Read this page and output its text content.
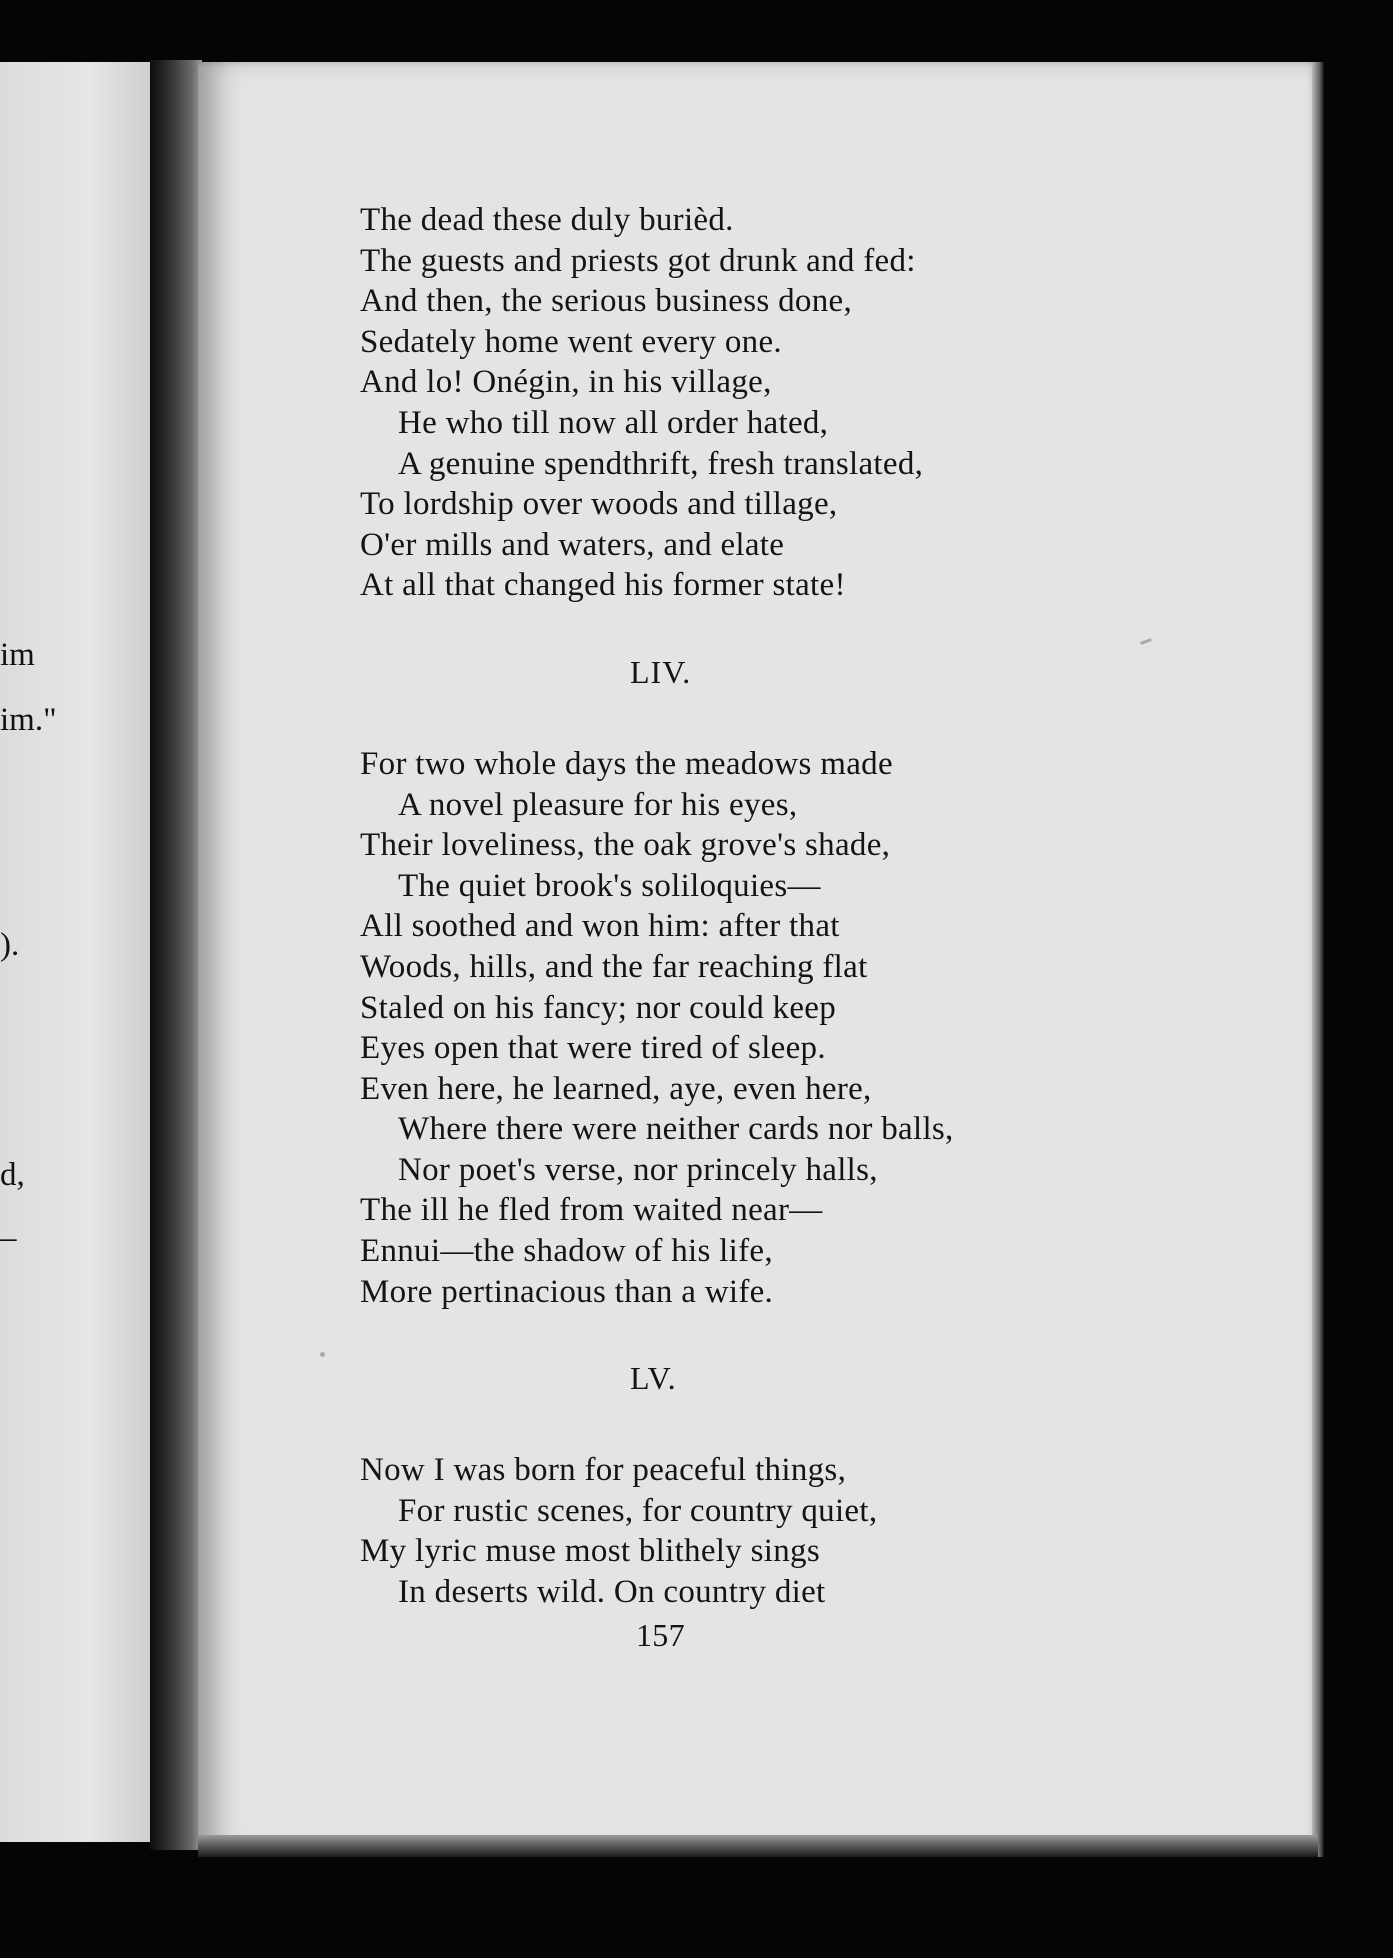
im
im."
).
d,
–
The dead these duly burièd.
The guests and priests got drunk and fed:
And then, the serious business done,
Sedately home went every one.
And lo! Onégin, in his village,
He who till now all order hated,
A genuine spendthrift, fresh translated,
To lordship over woods and tillage,
O'er mills and waters, and elate
At all that changed his former state!
LIV.
For two whole days the meadows made
A novel pleasure for his eyes,
Their loveliness, the oak grove's shade,
The quiet brook's soliloquies—
All soothed and won him: after that
Woods, hills, and the far reaching flat
Staled on his fancy; nor could keep
Eyes open that were tired of sleep.
Even here, he learned, aye, even here,
Where there were neither cards nor balls,
Nor poet's verse, nor princely halls,
The ill he fled from waited near—
Ennui—the shadow of his life,
More pertinacious than a wife.
LV.
Now I was born for peaceful things,
For rustic scenes, for country quiet,
My lyric muse most blithely sings
In deserts wild. On country diet
157
